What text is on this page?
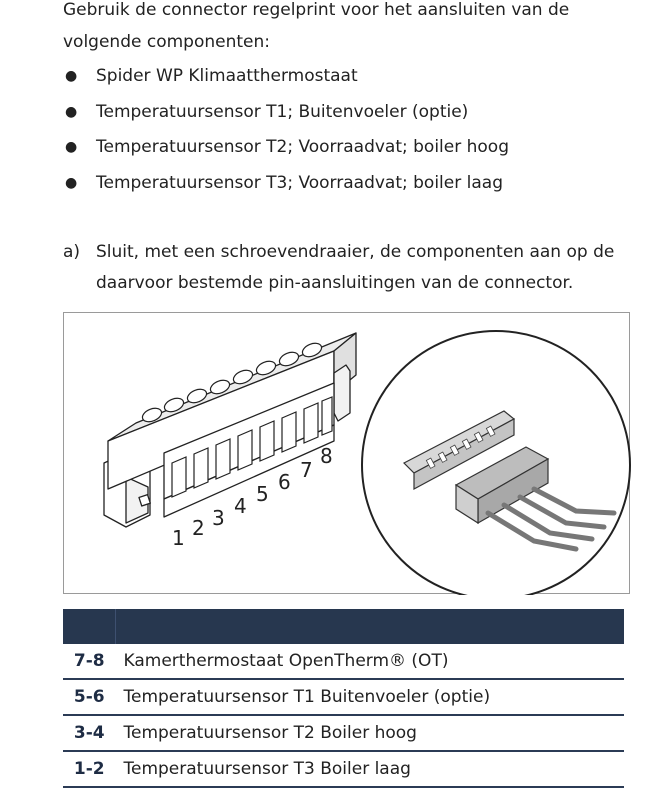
Gebruik de connector regelprint voor het aansluiten van de volgende componenten:

● Spider WP Klimaatthermostaat
● Temperatuursensor T1; Buitenvoeler (optie)
● Temperatuursensor T2; Voorraadvat; boiler hoog
● Temperatuursensor T3; Voorraadvat; boiler laag
a) Sluit, met een schroevendraaier, de componenten aan op de daarvoor bestemde pin-aansluitingen van de connector.
1 2 3 4 5 6 7
8

7-8	Kamerthermostaat OpenTherm® (OT)
5-6	Temperatuursensor T1 Buitenvoeler (optie)
3-4	Temperatuursensor T2 Boiler hoog
1-2	Temperatuursensor T3 Boiler laag
